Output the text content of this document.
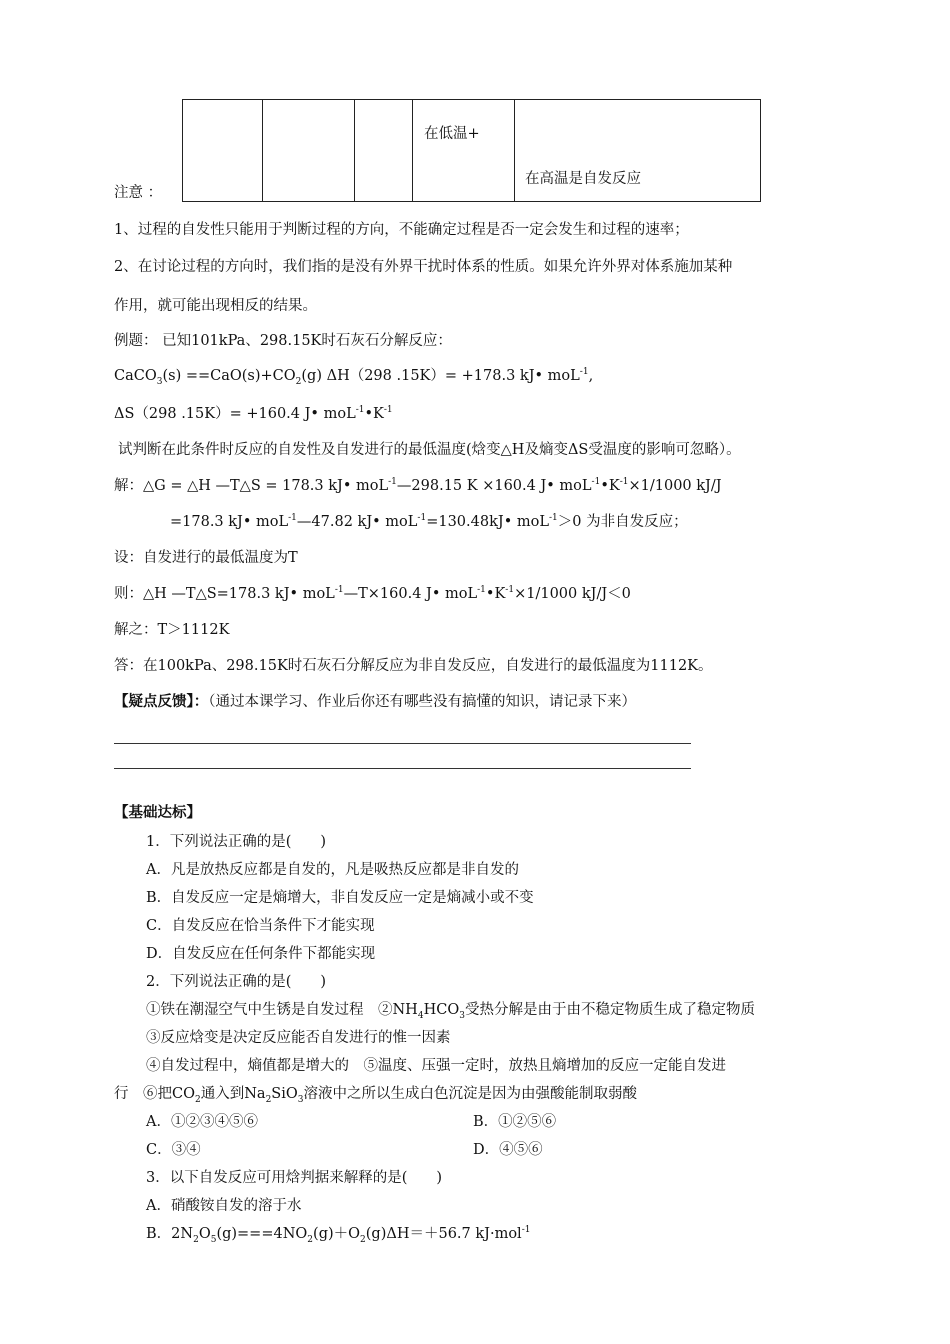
			在低温+	在高温是自发反应
注意 ：
1、过程的自发性只能用于判断过程的方向，不能确定过程是否一定会发生和过程的速率；
2、在讨论过程的方向时，我们指的是没有外界干扰时体系的性质。如果允许外界对体系施加某种
作用，就可能出现相反的结果。
例题： 已知101kPa、298.15K时石灰石分解反应：
CaCO$_3$(s) $==CaO(s)+CO_2(g)$ ΔH（298 .15K）= +178.3 kJ• moL$^{-1}$,
ΔS（298 .15K）= +160.4 J• $moL^{-1}•K^{-1}$
试判断在此条件时反应的自发性及自发进行的最低温度(焓变△H及熵变ΔS受温度的影响可忽略）。
解：△G = △H —T△S = 178.3 kJ• moL$^{-1}$—298.15 K ×160.4 J• $moL^{-1}•K^{-1}\times 1/1000$ kJ/J
=178.3 kJ• moL$^{-1}$—47.82 kJ• moL$^{-1}$=130.48kJ• moL$^{-1}$＞0 为非自发反应；
设：自发进行的最低温度为T
则：△H —T△S=178.3 kJ• moL$^{-1}$—T×160.4 J• $moL^{-1}•K^{-1}\times 1/1000$ kJ/J＜0
解之：T＞1112K
答：在100kPa、298.15K时石灰石分解反应为非自发反应，自发进行的最低温度为1112K。
【疑点反馈】：（通过本课学习、作业后你还有哪些没有搞懂的知识，请记录下来）
【基础达标】
1．下列说法正确的是(　　)
A．凡是放热反应都是自发的，凡是吸热反应都是非自发的
B．自发反应一定是熵增大，非自发反应一定是熵减小或不变
C．自发反应在恰当条件下才能实现
D．自发反应在任何条件下都能实现
2．下列说法正确的是(　　)
①铁在潮湿空气中生锈是自发过程　$②NH_4HCO_3$受热分解是由于由不稳定物质生成了稳定物质
③反应焓变是决定反应能否自发进行的惟一因素
④自发过程中，熵值都是增大的　⑤温度、压强一定时，放热且熵增加的反应一定能自发进
行　⑥把$CO_2$通入到$Na_2SiO_3$溶液中之所以生成白色沉淀是因为由强酸能制取弱酸
A．①②③④⑤⑥	B．①②⑤⑥
C．③④	D．④⑤⑥
3．以下自发反应可用焓判据来解释的是(　　)
A．硝酸铵自发的溶于水
B．$2N_2O_5(g)===4NO_2(g)+O_2(g)\Delta H=+56.7$ kJ·mol$^{-1}$
